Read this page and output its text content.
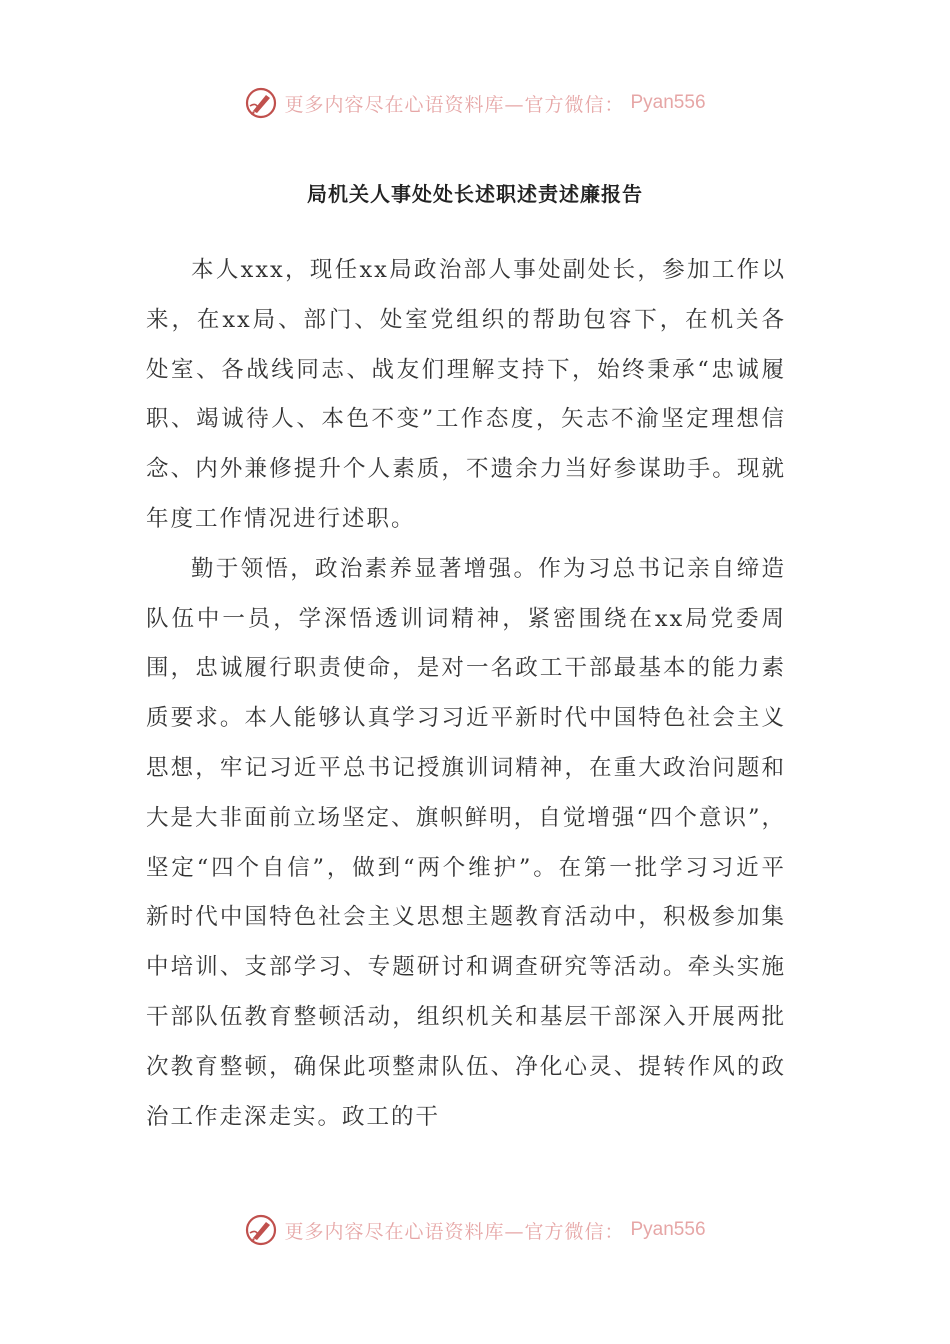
更多内容尽在心语资料库—官方微信： Pyan556
局机关人事处处长述职述责述廉报告

本人xxx，现任xx局政治部人事处副处长，参加工作以来，在xx局、部门、处室党组织的帮助包容下，在机关各处室、各战线同志、战友们理解支持下，始终秉承“忠诚履职、竭诚待人、本色不变”工作态度，矢志不渝坚定理想信念、内外兼修提升个人素质，不遗余力当好参谋助手。现就年度工作情况进行述职。

勤于领悟，政治素养显著增强。作为习总书记亲自缔造队伍中一员，学深悟透训词精神，紧密围绕在xx局党委周围，忠诚履行职责使命，是对一名政工干部最基本的能力素质要求。本人能够认真学习习近平新时代中国特色社会主义思想，牢记习近平总书记授旗训词精神，在重大政治问题和大是大非面前立场坚定、旗帜鲜明，自觉增强“四个意识”，坚定“四个自信”，做到“两个维护”。在第一批学习习近平新时代中国特色社会主义思想主题教育活动中，积极参加集中培训、支部学习、专题研讨和调查研究等活动。牵头实施干部队伍教育整顿活动，组织机关和基层干部深入开展两批次教育整顿，确保此项整肃队伍、净化心灵、提转作风的政治工作走深走实。政工的干

更多内容尽在心语资料库—官方微信： Pyan556
